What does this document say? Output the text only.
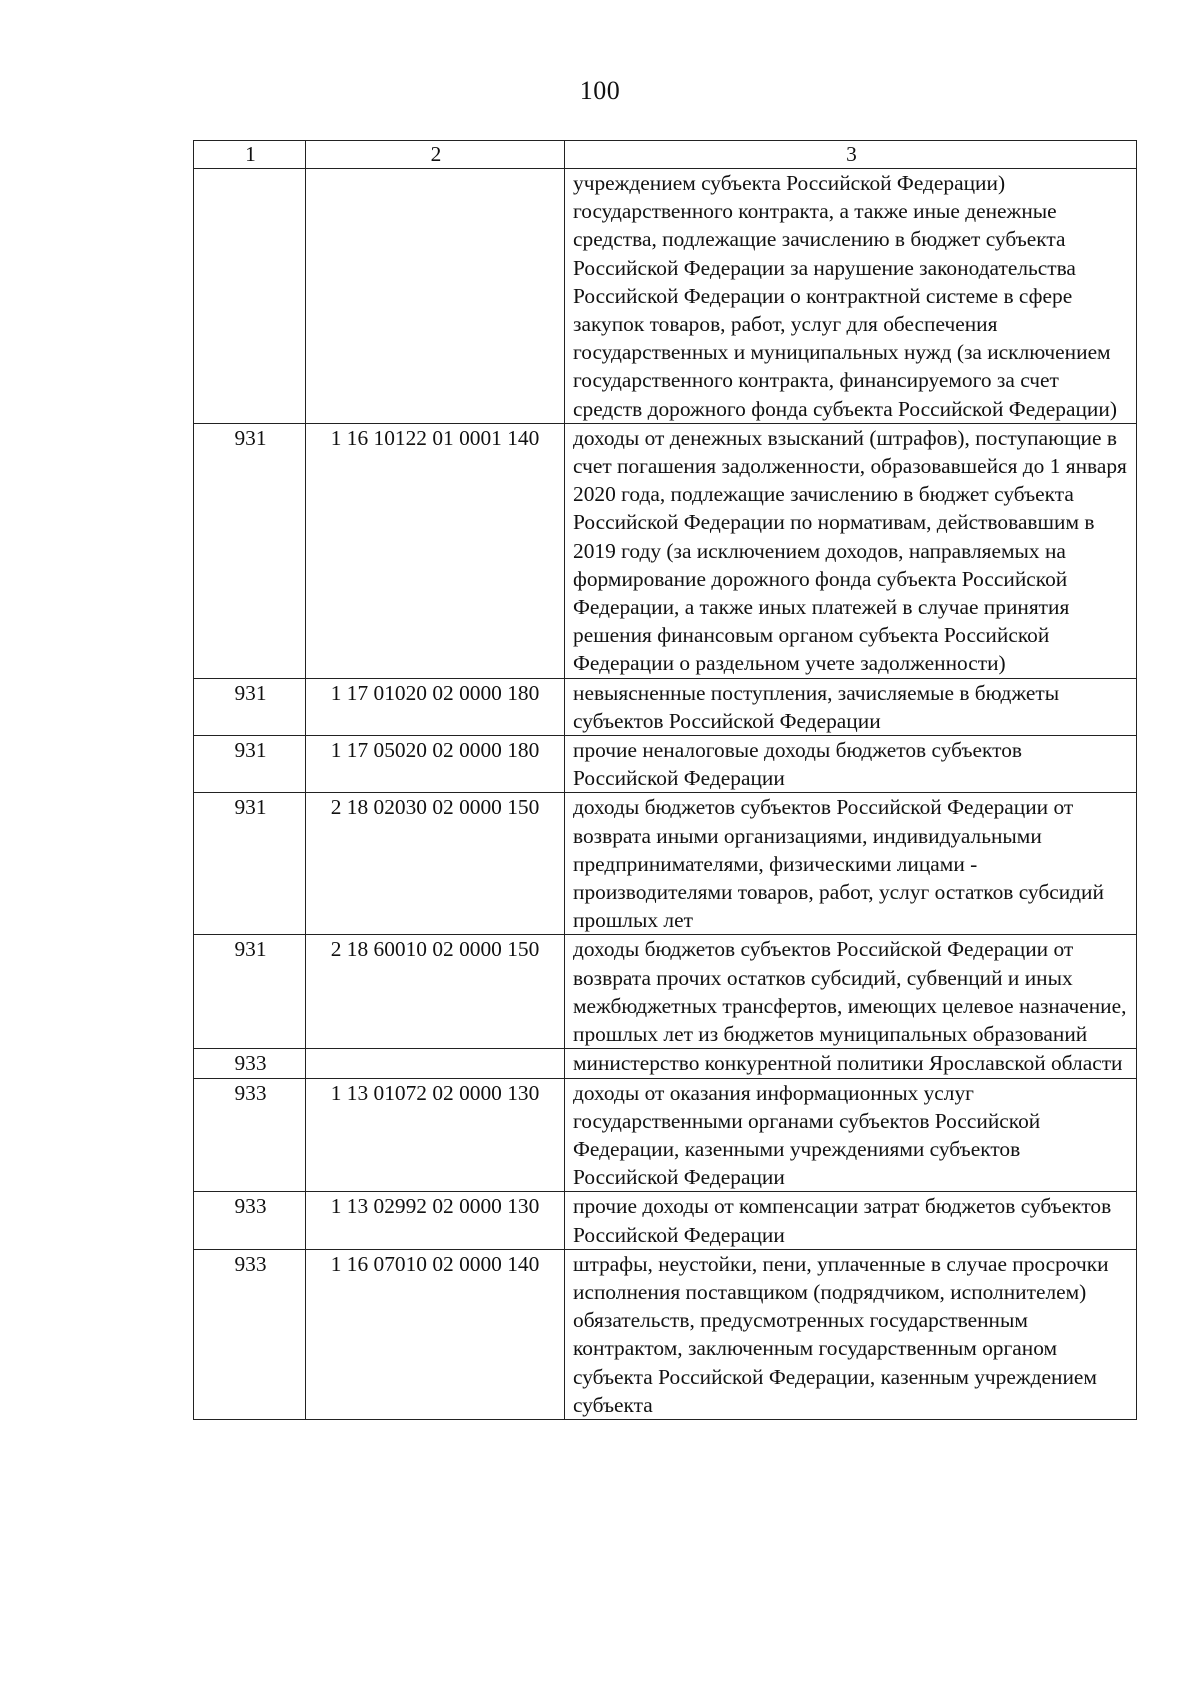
100
1	2	3
		учреждением субъекта Российской Федерации) государственного контракта, а также иные денежные средства, подлежащие зачислению в бюджет субъекта Российской Федерации за нарушение законодательства Российской Федерации о контрактной системе в сфере закупок товаров, работ, услуг для обеспечения государственных и муниципальных нужд (за исключением государственного контракта, финансируемого за счет средств дорожного фонда субъекта Российской Федерации)
931	1 16 10122 01 0001 140	доходы от денежных взысканий (штрафов), поступающие в счет погашения задолженности, образовавшейся до 1 января 2020 года, подлежащие зачислению в бюджет субъекта Российской Федерации по нормативам, действовавшим в 2019 году (за исключением доходов, направляемых на формирование дорожного фонда субъекта Российской Федерации, а также иных платежей в случае принятия решения финансовым органом субъекта Российской Федерации о раздельном учете задолженности)
931	1 17 01020 02 0000 180	невыясненные поступления, зачисляемые в бюджеты субъектов Российской Федерации
931	1 17 05020 02 0000 180	прочие неналоговые доходы бюджетов субъектов Российской Федерации
931	2 18 02030 02 0000 150	доходы бюджетов субъектов Российской Федерации от возврата иными организациями, индивидуальными предпринимателями, физическими лицами - производителями товаров, работ, услуг остатков субсидий прошлых лет
931	2 18 60010 02 0000 150	доходы бюджетов субъектов Российской Федерации от возврата прочих остатков субсидий, субвенций и иных межбюджетных трансфертов, имеющих целевое назначение, прошлых лет из бюджетов муниципальных образований
933		министерство конкурентной политики Ярославской области
933	1 13 01072 02 0000 130	доходы от оказания информационных услуг государственными органами субъектов Российской Федерации, казенными учреждениями субъектов Российской Федерации
933	1 13 02992 02 0000 130	прочие доходы от компенсации затрат бюджетов субъектов Российской Федерации
933	1 16 07010 02 0000 140	штрафы, неустойки, пени, уплаченные в случае просрочки исполнения поставщиком (подрядчиком, исполнителем) обязательств, предусмотренных государственным контрактом, заключенным государственным органом субъекта Российской Федерации, казенным учреждением субъекта
